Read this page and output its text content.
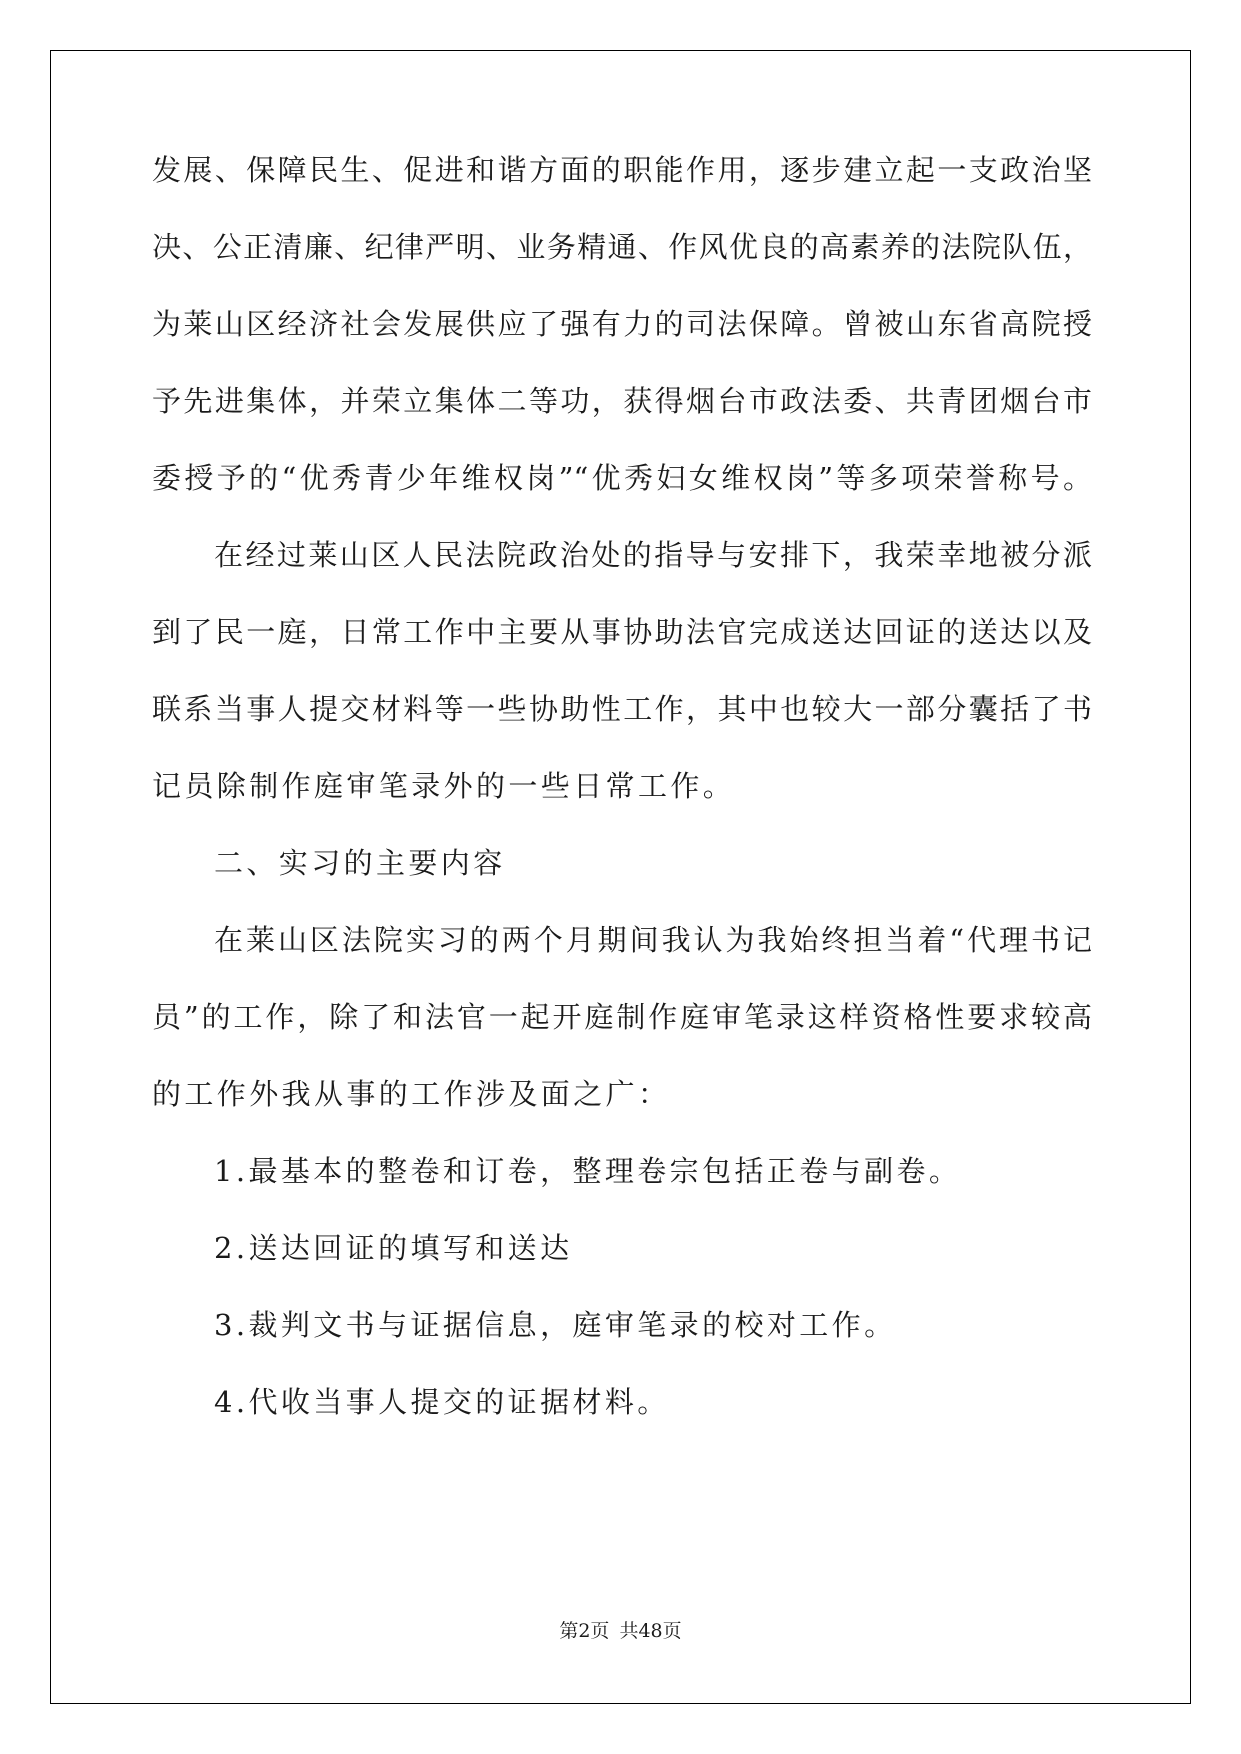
发展、保障民生、促进和谐方面的职能作用，逐步建立起一支政治坚
决、公正清廉、纪律严明、业务精通、作风优良的高素养的法院队伍，
为莱山区经济社会发展供应了强有力的司法保障。曾被山东省高院授
予先进集体，并荣立集体二等功，获得烟台市政法委、共青团烟台市
委授予的“优秀青少年维权岗”“优秀妇女维权岗”等多项荣誉称号。
在经过莱山区人民法院政治处的指导与安排下，我荣幸地被分派
到了民一庭，日常工作中主要从事协助法官完成送达回证的送达以及
联系当事人提交材料等一些协助性工作，其中也较大一部分囊括了书
记员除制作庭审笔录外的一些日常工作。
二、实习的主要内容
在莱山区法院实习的两个月期间我认为我始终担当着“代理书记
员”的工作，除了和法官一起开庭制作庭审笔录这样资格性要求较高
的工作外我从事的工作涉及面之广：
1.最基本的整卷和订卷，整理卷宗包括正卷与副卷。
2.送达回证的填写和送达
3.裁判文书与证据信息，庭审笔录的校对工作。
4.代收当事人提交的证据材料。
第2页 共48页
